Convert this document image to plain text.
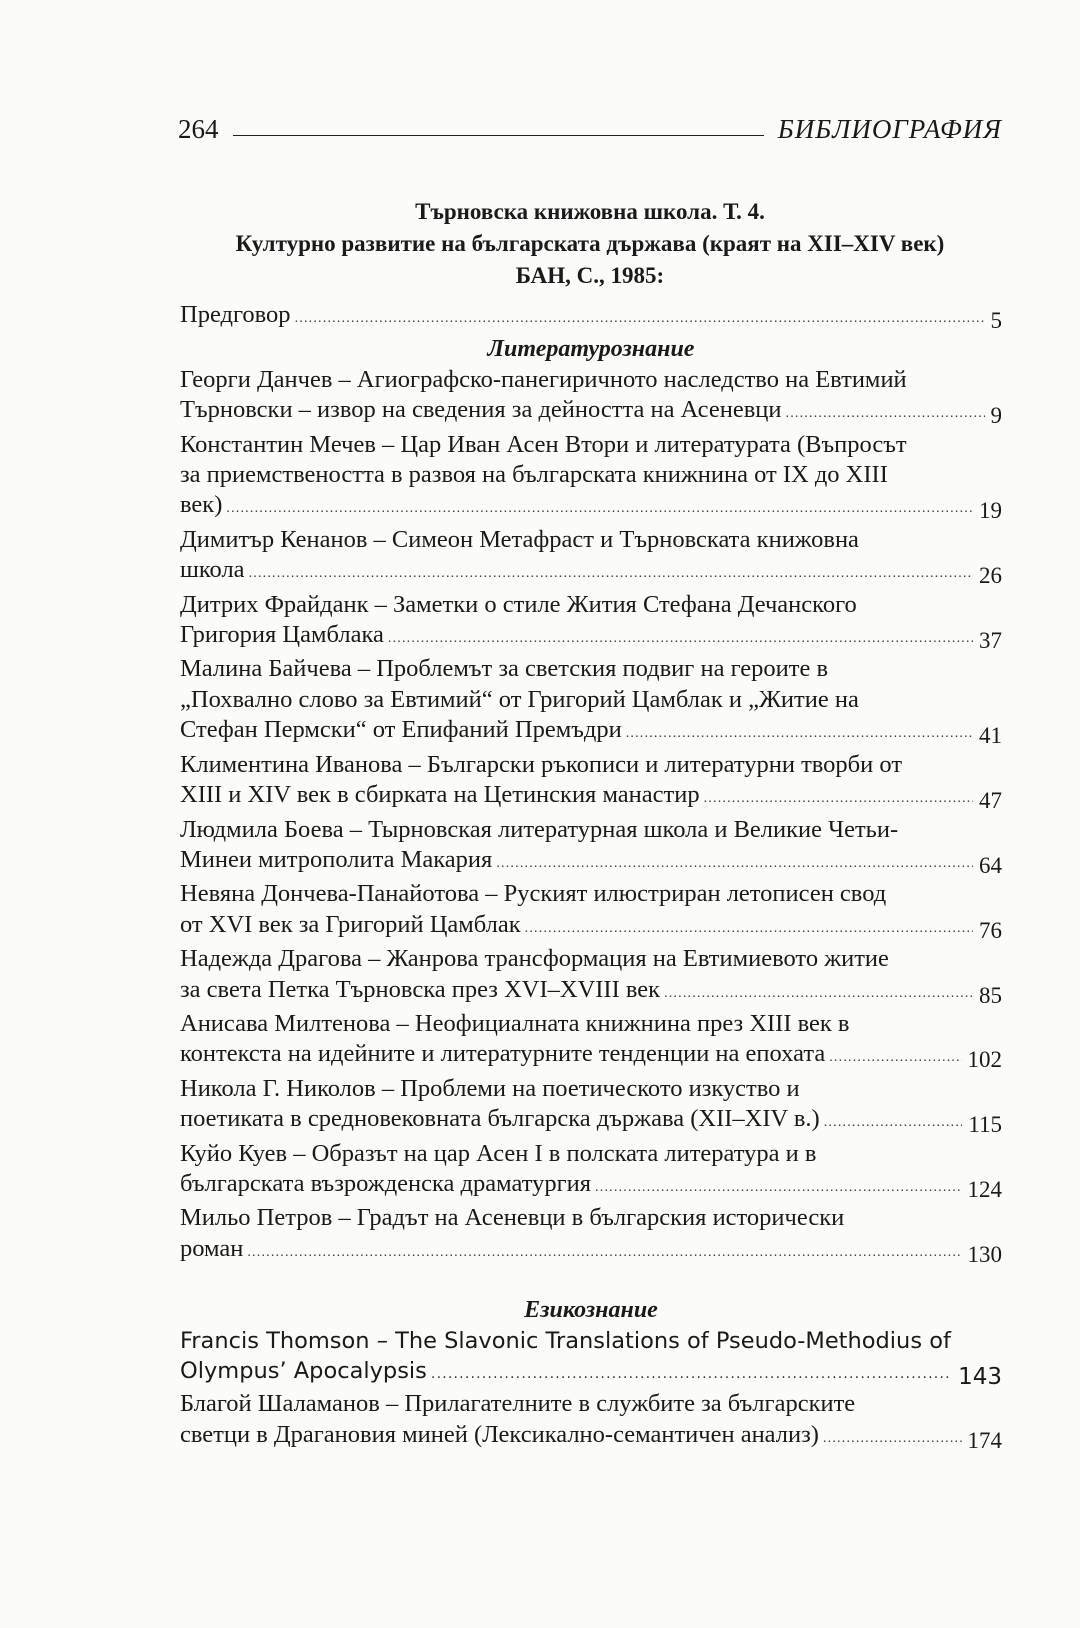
264	БИБЛИОГРАФИЯ
Търновска книжовна школа. Т. 4.
Културно развитие на българската държава (краят на XII–XIV век)
БАН, С., 1985:
Предговор .....	5
Литературознание
Георги Данчев – Агиографско-панегиричното наследство на Евтимий
Търновски – извор на сведения за дейността на Асеневци .....	9
Константин Мечев – Цар Иван Асен Втори и литературата (Въпросът
за приемствеността в развоя на българската книжнина от IX до XIII
век) .....	19
Димитър Кенанов – Симеон Метафраст и Търновската книжовна
школа .....	26
Дитрих Фрайданк – Заметки о стиле Жития Стефана Дечанского
Григория Цамблака .....	37
Малина Байчева – Проблемът за светския подвиг на героите в
„Похвално слово за Евтимий“ от Григорий Цамблак и „Житие на
Стефан Пермски“ от Епифаний Премъдри .....	41
Климентина Иванова – Български ръкописи и литературни творби от
XIII и XIV век в сбирката на Цетинския манастир .....	47
Людмила Боева – Тырновская литературная школа и Великие Четьи-
Минеи митрополита Макария .....	64
Невяна Дончева-Панайотова – Руският илюстриран летописен свод
от XVI век за Григорий Цамблак .....	76
Надежда Драгова – Жанрова трансформация на Евтимиевото житие
за света Петка Търновска през XVI–XVIII век .....	85
Анисава Милтенова – Неофициалната книжнина през XIII век в
контекста на идейните и литературните тенденции на епохата .....	102
Никола Г. Николов – Проблеми на поетическото изкуство и
поетиката в средновековната българска държава (XII–XIV в.) .....	115
Куйо Куев – Образът на цар Асен I в полската литература и в
българската възрожденска драматургия .....	124
Мильо Петров – Градът на Асеневци в българския исторически
роман .....	130
Езикознание
Francis Thomson – The Slavonic Translations of Pseudo-Methodius of
Olympus’ Apocalypsis .....	143
Благой Шаламанов – Прилагателните в службите за българските
светци в Драгановия миней (Лексикално-семантичен анализ) .....	174
